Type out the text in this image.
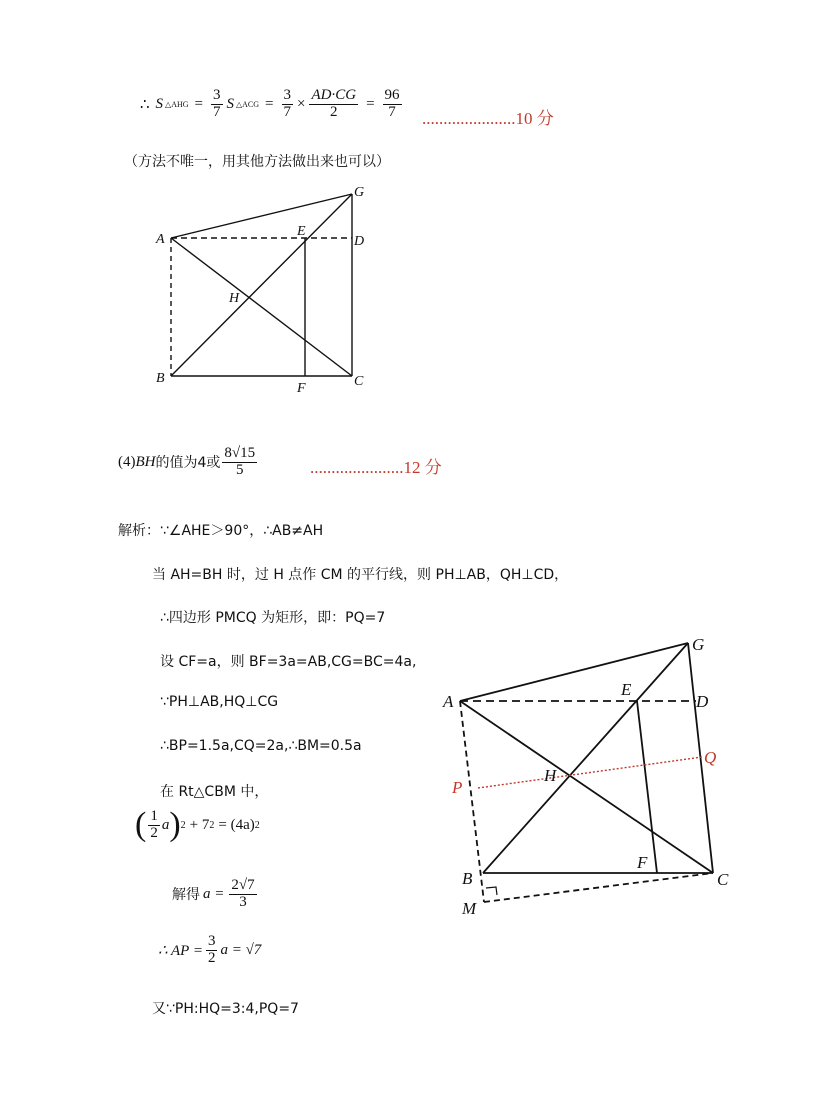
∴ S △AHG = $\frac{3}{7}$ S △ACG = $\frac{3}{7} \times \frac{AD\cdot CG}{2} = \frac{96}{7} ......................10$ 分
（方法不唯一，用其他方法做出来也可以）
A
E
D
G
H
B
F	C
(4) BH 的值为4或 $\frac{8√15}{5}$	......................12 分
解析：∵∠AHE＞90°，∴AB≠AH
当 AH=BH 时，过 H 点作 CM 的平行线，则 PH⊥AB，QH⊥CD，
∴四边形 PMCQ 为矩形，即：PQ=7
设 CF=a，则 BF=3a=AB,CG=BC=4a,
∵PH⊥AB,HQ⊥CG
∴BP=1.5a,CQ=2a,∴BM=0.5a
在 Rt△CBM 中，
( $\frac{1}{2}$ a ) 2 + 7 2 = (4a) 2
解得 $a = \frac{2√7}{3}$
∴ AP = $\frac{3}{2}$ a = √7
又∵PH:HQ=3:4,PQ=7
G
A
E
D
Q
P
H
B
F
C
M
